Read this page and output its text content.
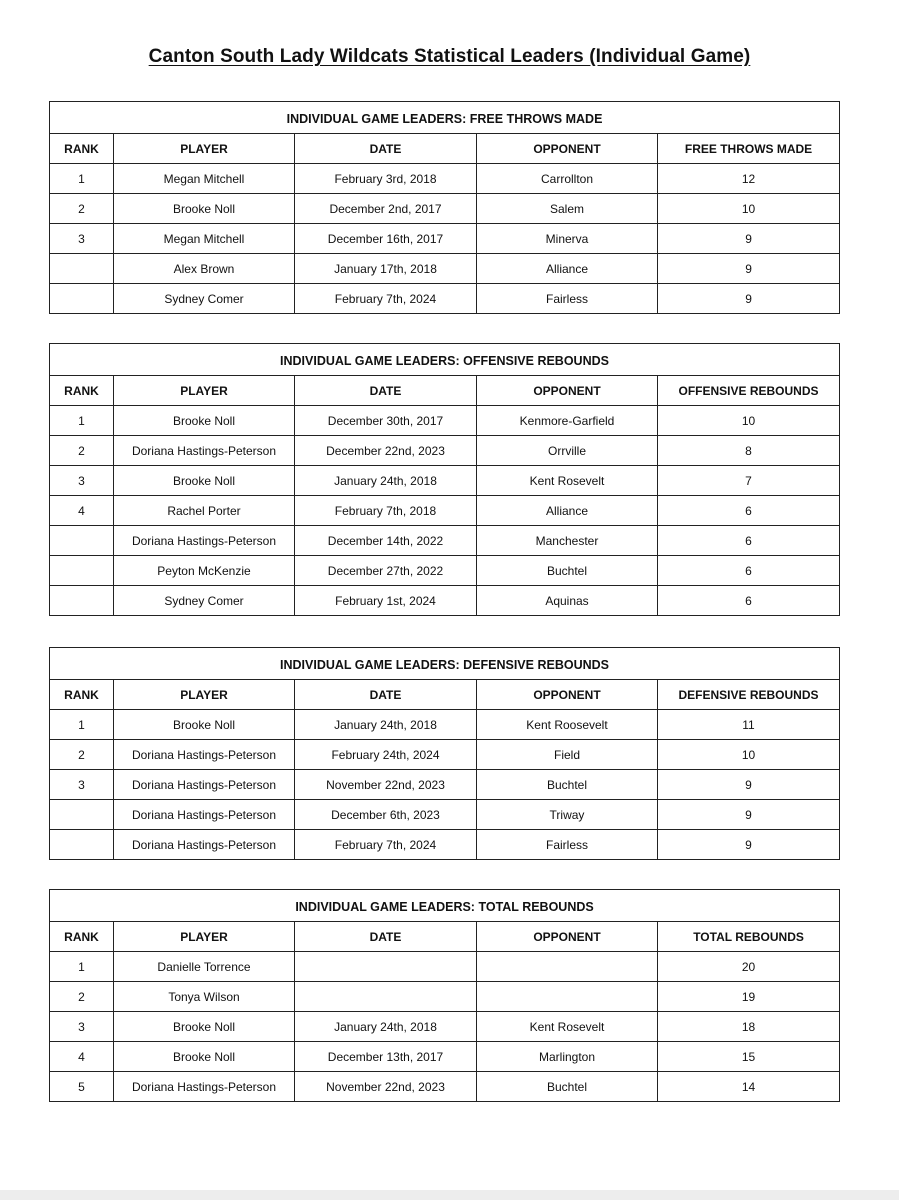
Canton South Lady Wildcats Statistical Leaders (Individual Game)
INDIVIDUAL GAME LEADERS: FREE THROWS MADE				
RANK	PLAYER	DATE	OPPONENT	FREE THROWS MADE
1	Megan Mitchell	February 3rd, 2018	Carrollton	12
2	Brooke Noll	December 2nd, 2017	Salem	10
3	Megan Mitchell	December 16th, 2017	Minerva	9
	Alex Brown	January 17th, 2018	Alliance	9
	Sydney Comer	February 7th, 2024	Fairless	9
INDIVIDUAL GAME LEADERS: OFFENSIVE REBOUNDS				
RANK	PLAYER	DATE	OPPONENT	OFFENSIVE REBOUNDS
1	Brooke Noll	December 30th, 2017	Kenmore-Garfield	10
2	Doriana Hastings-Peterson	December 22nd, 2023	Orrville	8
3	Brooke Noll	January 24th, 2018	Kent Rosevelt	7
4	Rachel Porter	February 7th, 2018	Alliance	6
	Doriana Hastings-Peterson	December 14th, 2022	Manchester	6
	Peyton McKenzie	December 27th, 2022	Buchtel	6
	Sydney Comer	February 1st, 2024	Aquinas	6
INDIVIDUAL GAME LEADERS: DEFENSIVE REBOUNDS				
RANK	PLAYER	DATE	OPPONENT	DEFENSIVE REBOUNDS
1	Brooke Noll	January 24th, 2018	Kent Roosevelt	11
2	Doriana Hastings-Peterson	February 24th, 2024	Field	10
3	Doriana Hastings-Peterson	November 22nd, 2023	Buchtel	9
	Doriana Hastings-Peterson	December 6th, 2023	Triway	9
	Doriana Hastings-Peterson	February 7th, 2024	Fairless	9
INDIVIDUAL GAME LEADERS: TOTAL REBOUNDS				
RANK	PLAYER	DATE	OPPONENT	TOTAL REBOUNDS
1	Danielle Torrence			20
2	Tonya Wilson			19
3	Brooke Noll	January 24th, 2018	Kent Rosevelt	18
4	Brooke Noll	December 13th, 2017	Marlington	15
5	Doriana Hastings-Peterson	November 22nd, 2023	Buchtel	14
